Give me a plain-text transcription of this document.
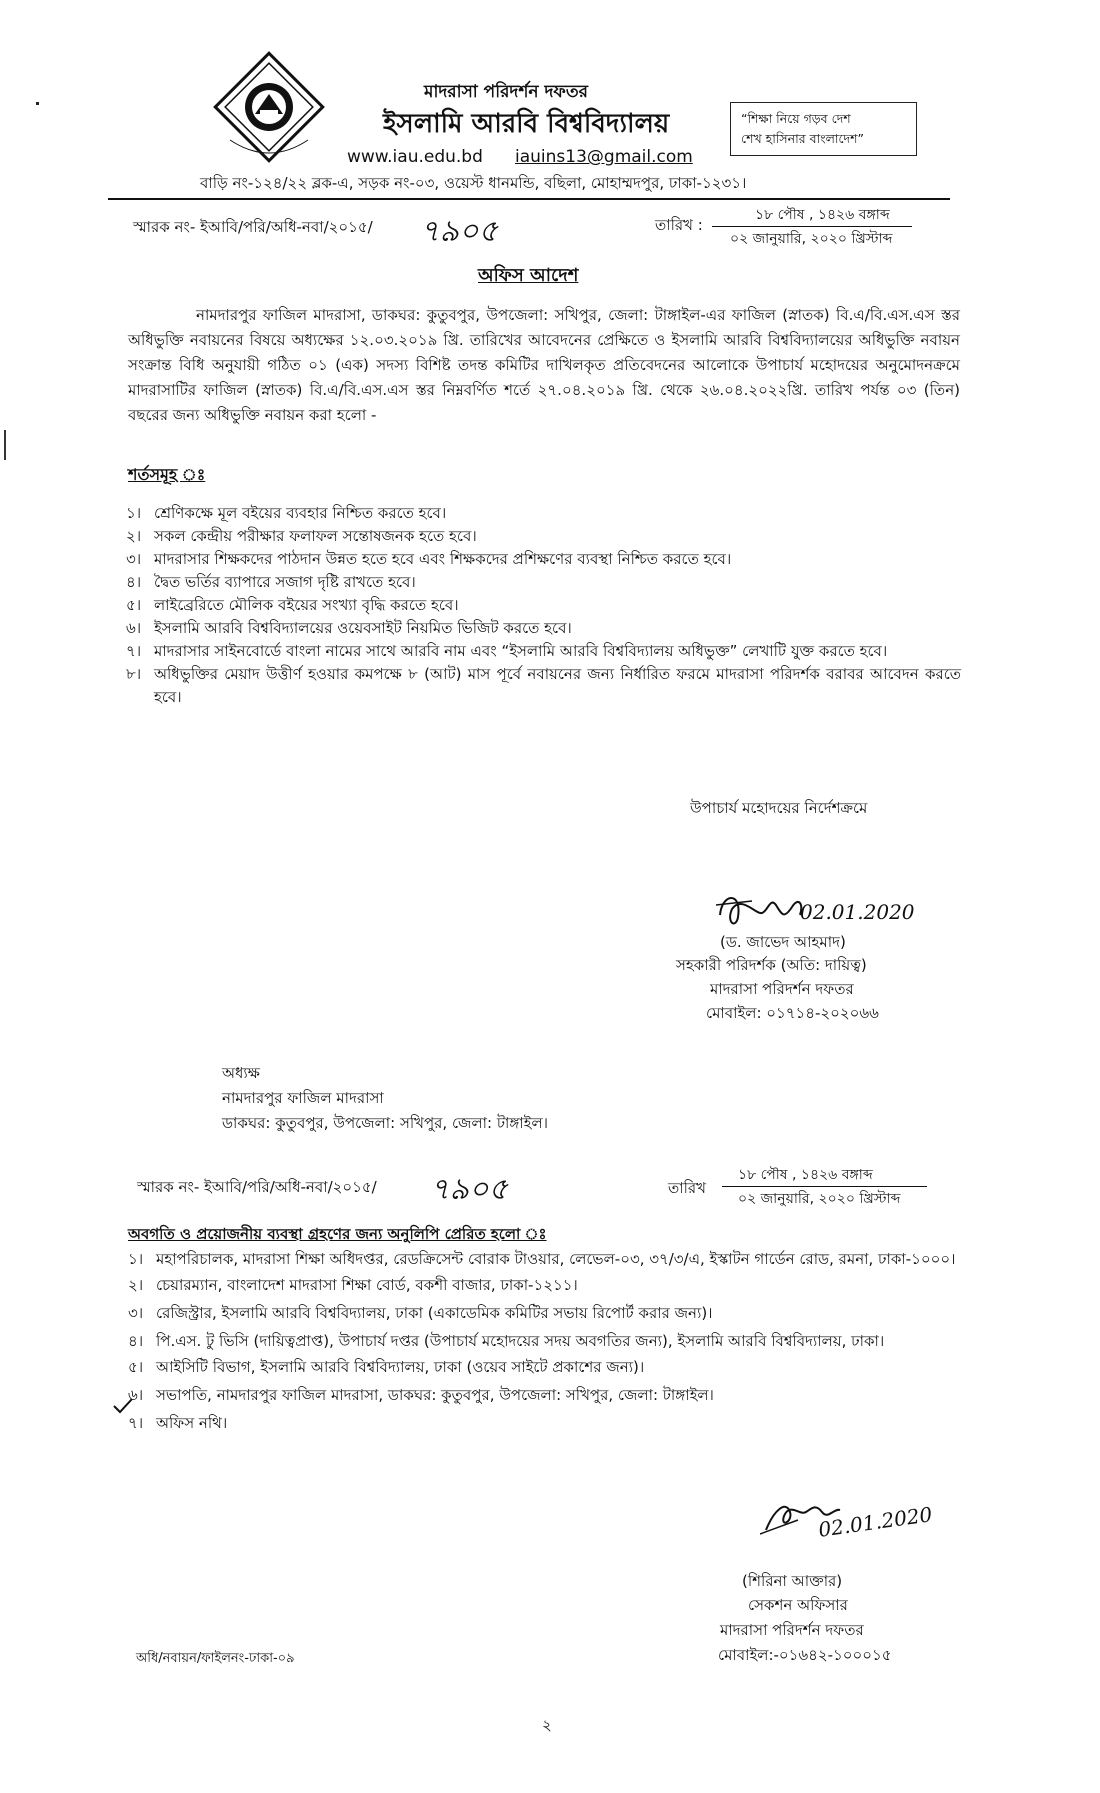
মাদরাসা পরিদর্শন দফতর
ইসলামি আরবি বিশ্ববিদ্যালয়
www.iau.edu.bd iauins13@gmail.com
“শিক্ষা নিয়ে গড়ব দেশ
শেখ হাসিনার বাংলাদেশ”
বাড়ি নং-১২৪/২২ ব্লক-এ, সড়ক নং-০৩, ওয়েস্ট ধানমন্ডি, বছিলা, মোহাম্মদপুর, ঢাকা-১২৩১।
স্মারক নং- ইআবি/পরি/অধি-নবা/২০১৫/ ৭৯০৫	তারিখ :
১৮ পৌষ , ১৪২৬ বঙ্গাব্দ
০২ জানুয়ারি, ২০২০ খ্রিস্টাব্দ
অফিস আদেশ
নামদারপুর ফাজিল মাদরাসা, ডাকঘর: কুতুবপুর, উপজেলা: সখিপুর, জেলা: টাঙ্গাইল-এর ফাজিল (স্নাতক) বি.এ/বি.এস.এস স্তর অধিভুক্তি নবায়নের বিষয়ে অধ্যক্ষের ১২.০৩.২০১৯ খ্রি. তারিখের আবেদনের প্রেক্ষিতে ও ইসলামি আরবি বিশ্ববিদ্যালয়ের অধিভুক্তি নবায়ন সংক্রান্ত বিধি অনুযায়ী গঠিত ০১ (এক) সদস্য বিশিষ্ট তদন্ত কমিটির দাখিলকৃত প্রতিবেদনের আলোকে উপাচার্য মহোদয়ের অনুমোদনক্রমে মাদরাসাটির ফাজিল (স্নাতক) বি.এ/বি.এস.এস স্তর নিম্নবর্ণিত শর্তে ২৭.০৪.২০১৯ খ্রি. থেকে ২৬.০৪.২০২২খ্রি. তারিখ পর্যন্ত ০৩ (তিন) বছরের জন্য অধিভুক্তি নবায়ন করা হলো -
শর্তসমূহ ঃ
১। শ্রেণিকক্ষে মূল বইয়ের ব্যবহার নিশ্চিত করতে হবে।
২। সকল কেন্দ্রীয় পরীক্ষার ফলাফল সন্তোষজনক হতে হবে।
৩। মাদরাসার শিক্ষকদের পাঠদান উন্নত হতে হবে এবং শিক্ষকদের প্রশিক্ষণের ব্যবস্থা নিশ্চিত করতে হবে।
৪। দ্বৈত ভর্তির ব্যাপারে সজাগ দৃষ্টি রাখতে হবে।
৫। লাইব্রেরিতে মৌলিক বইয়ের সংখ্যা বৃদ্ধি করতে হবে।
৬। ইসলামি আরবি বিশ্ববিদ্যালয়ের ওয়েবসাইট নিয়মিত ভিজিট করতে হবে।
৭। মাদরাসার সাইনবোর্ডে বাংলা নামের সাথে আরবি নাম এবং “ইসলামি আরবি বিশ্ববিদ্যালয় অধিভুক্ত” লেখাটি যুক্ত করতে হবে।
৮। অধিভুক্তির মেয়াদ উত্তীর্ণ হওয়ার কমপক্ষে ৮ (আট) মাস পূর্বে নবায়নের জন্য নির্ধারিত ফরমে মাদরাসা পরিদর্শক বরাবর আবেদন করতে হবে।
উপাচার্য মহোদয়ের নির্দেশক্রমে
02.01.2020
(ড. জাভেদ আহমাদ)
সহকারী পরিদর্শক (অতি: দায়িত্ব)
মাদরাসা পরিদর্শন দফতর
মোবাইল: ০১৭১৪-২০২০৬৬
অধ্যক্ষ
নামদারপুর ফাজিল মাদরাসা
ডাকঘর: কুতুবপুর, উপজেলা: সখিপুর, জেলা: টাঙ্গাইল।
স্মারক নং- ইআবি/পরি/অধি-নবা/২০১৫/ ৭৯০৫	তারিখ
১৮ পৌষ , ১৪২৬ বঙ্গাব্দ
০২ জানুয়ারি, ২০২০ খ্রিস্টাব্দ
অবগতি ও প্রয়োজনীয় ব্যবস্থা গ্রহণের জন্য অনুলিপি প্রেরিত হলো ঃ
১। মহাপরিচালক, মাদরাসা শিক্ষা অধিদপ্তর, রেডক্রিসেন্ট বোরাক টাওয়ার, লেভেল-০৩, ৩৭/৩/এ, ইস্কাটন গার্ডেন রোড, রমনা, ঢাকা-১০০০।
২। চেয়ারম্যান, বাংলাদেশ মাদরাসা শিক্ষা বোর্ড, বকশী বাজার, ঢাকা-১২১১।
৩। রেজিস্ট্রার, ইসলামি আরবি বিশ্ববিদ্যালয়, ঢাকা (একাডেমিক কমিটির সভায় রিপোর্ট করার জন্য)।
৪। পি.এস. টু ভিসি (দায়িত্বপ্রাপ্ত), উপাচার্য দপ্তর (উপাচার্য মহোদয়ের সদয় অবগতির জন্য), ইসলামি আরবি বিশ্ববিদ্যালয়, ঢাকা।
৫। আইসিটি বিভাগ, ইসলামি আরবি বিশ্ববিদ্যালয়, ঢাকা (ওয়েব সাইটে প্রকাশের জন্য)।
৬। সভাপতি, নামদারপুর ফাজিল মাদরাসা, ডাকঘর: কুতুবপুর, উপজেলা: সখিপুর, জেলা: টাঙ্গাইল।
৭। অফিস নথি।
02.01.2020
(শিরিনা আক্তার)
সেকশন অফিসার
মাদরাসা পরিদর্শন দফতর
মোবাইল:-০১৬৪২-১০০০১৫
অধি/নবায়ন/ফাইলনং-ঢাকা-০৯
২
